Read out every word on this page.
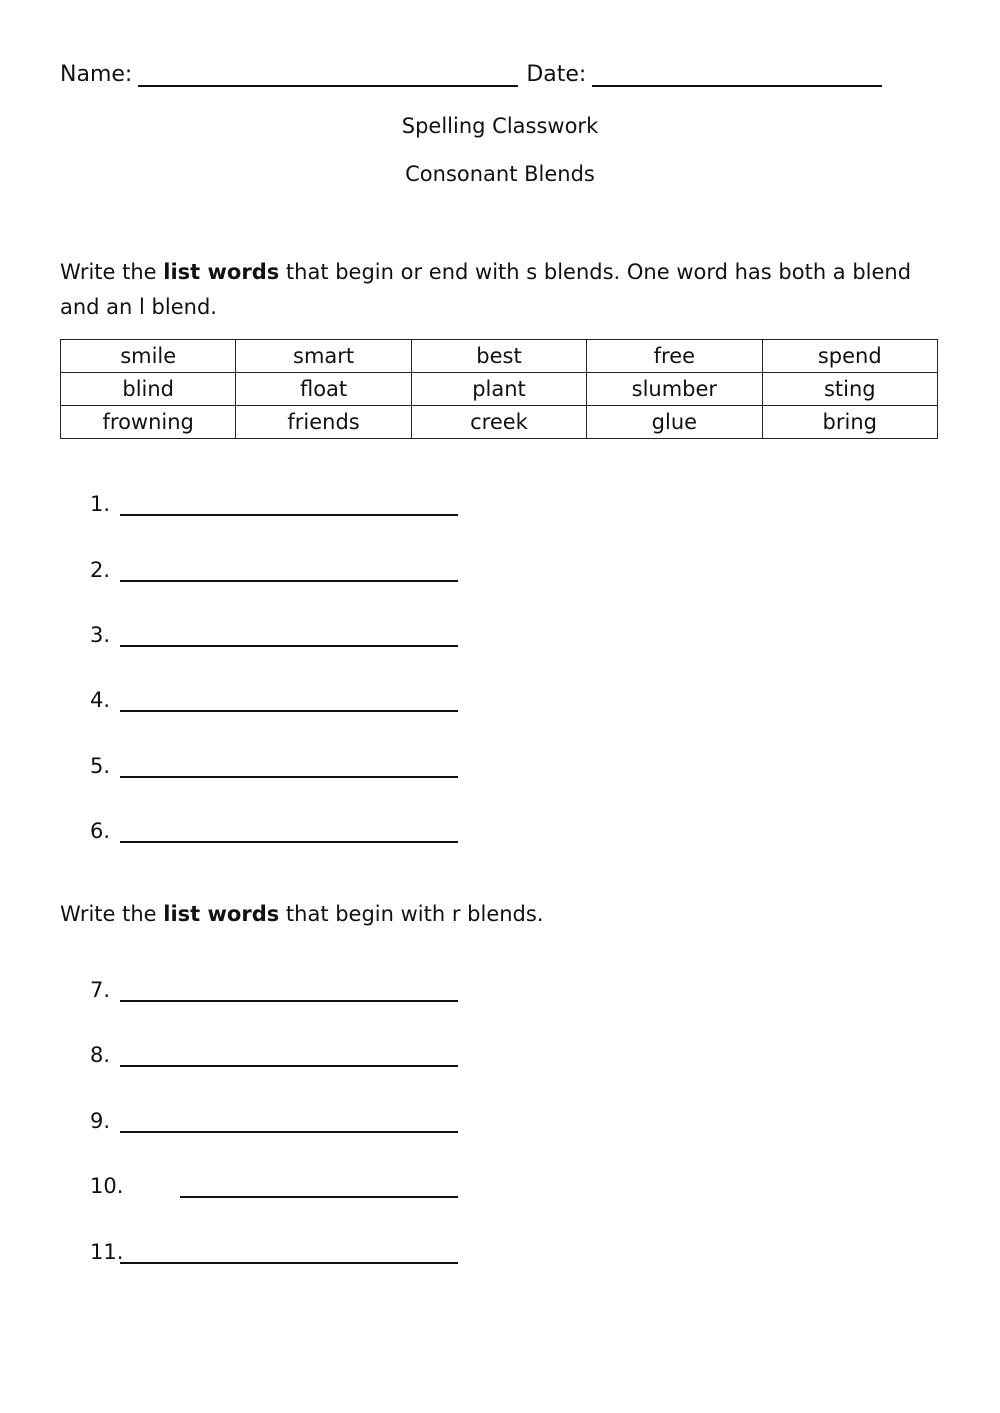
Name:	Date:
Spelling Classwork
Consonant Blends
Write the list words that begin or end with s blends. One word has both a blend and an l blend.
smile	smart	best	free	spend
blind	float	plant	slumber	sting
frowning	friends	creek	glue	bring
1.
2.
3.
4.
5.
6.
Write the list words that begin with r blends.
7.
8.
9.
10.
11.
